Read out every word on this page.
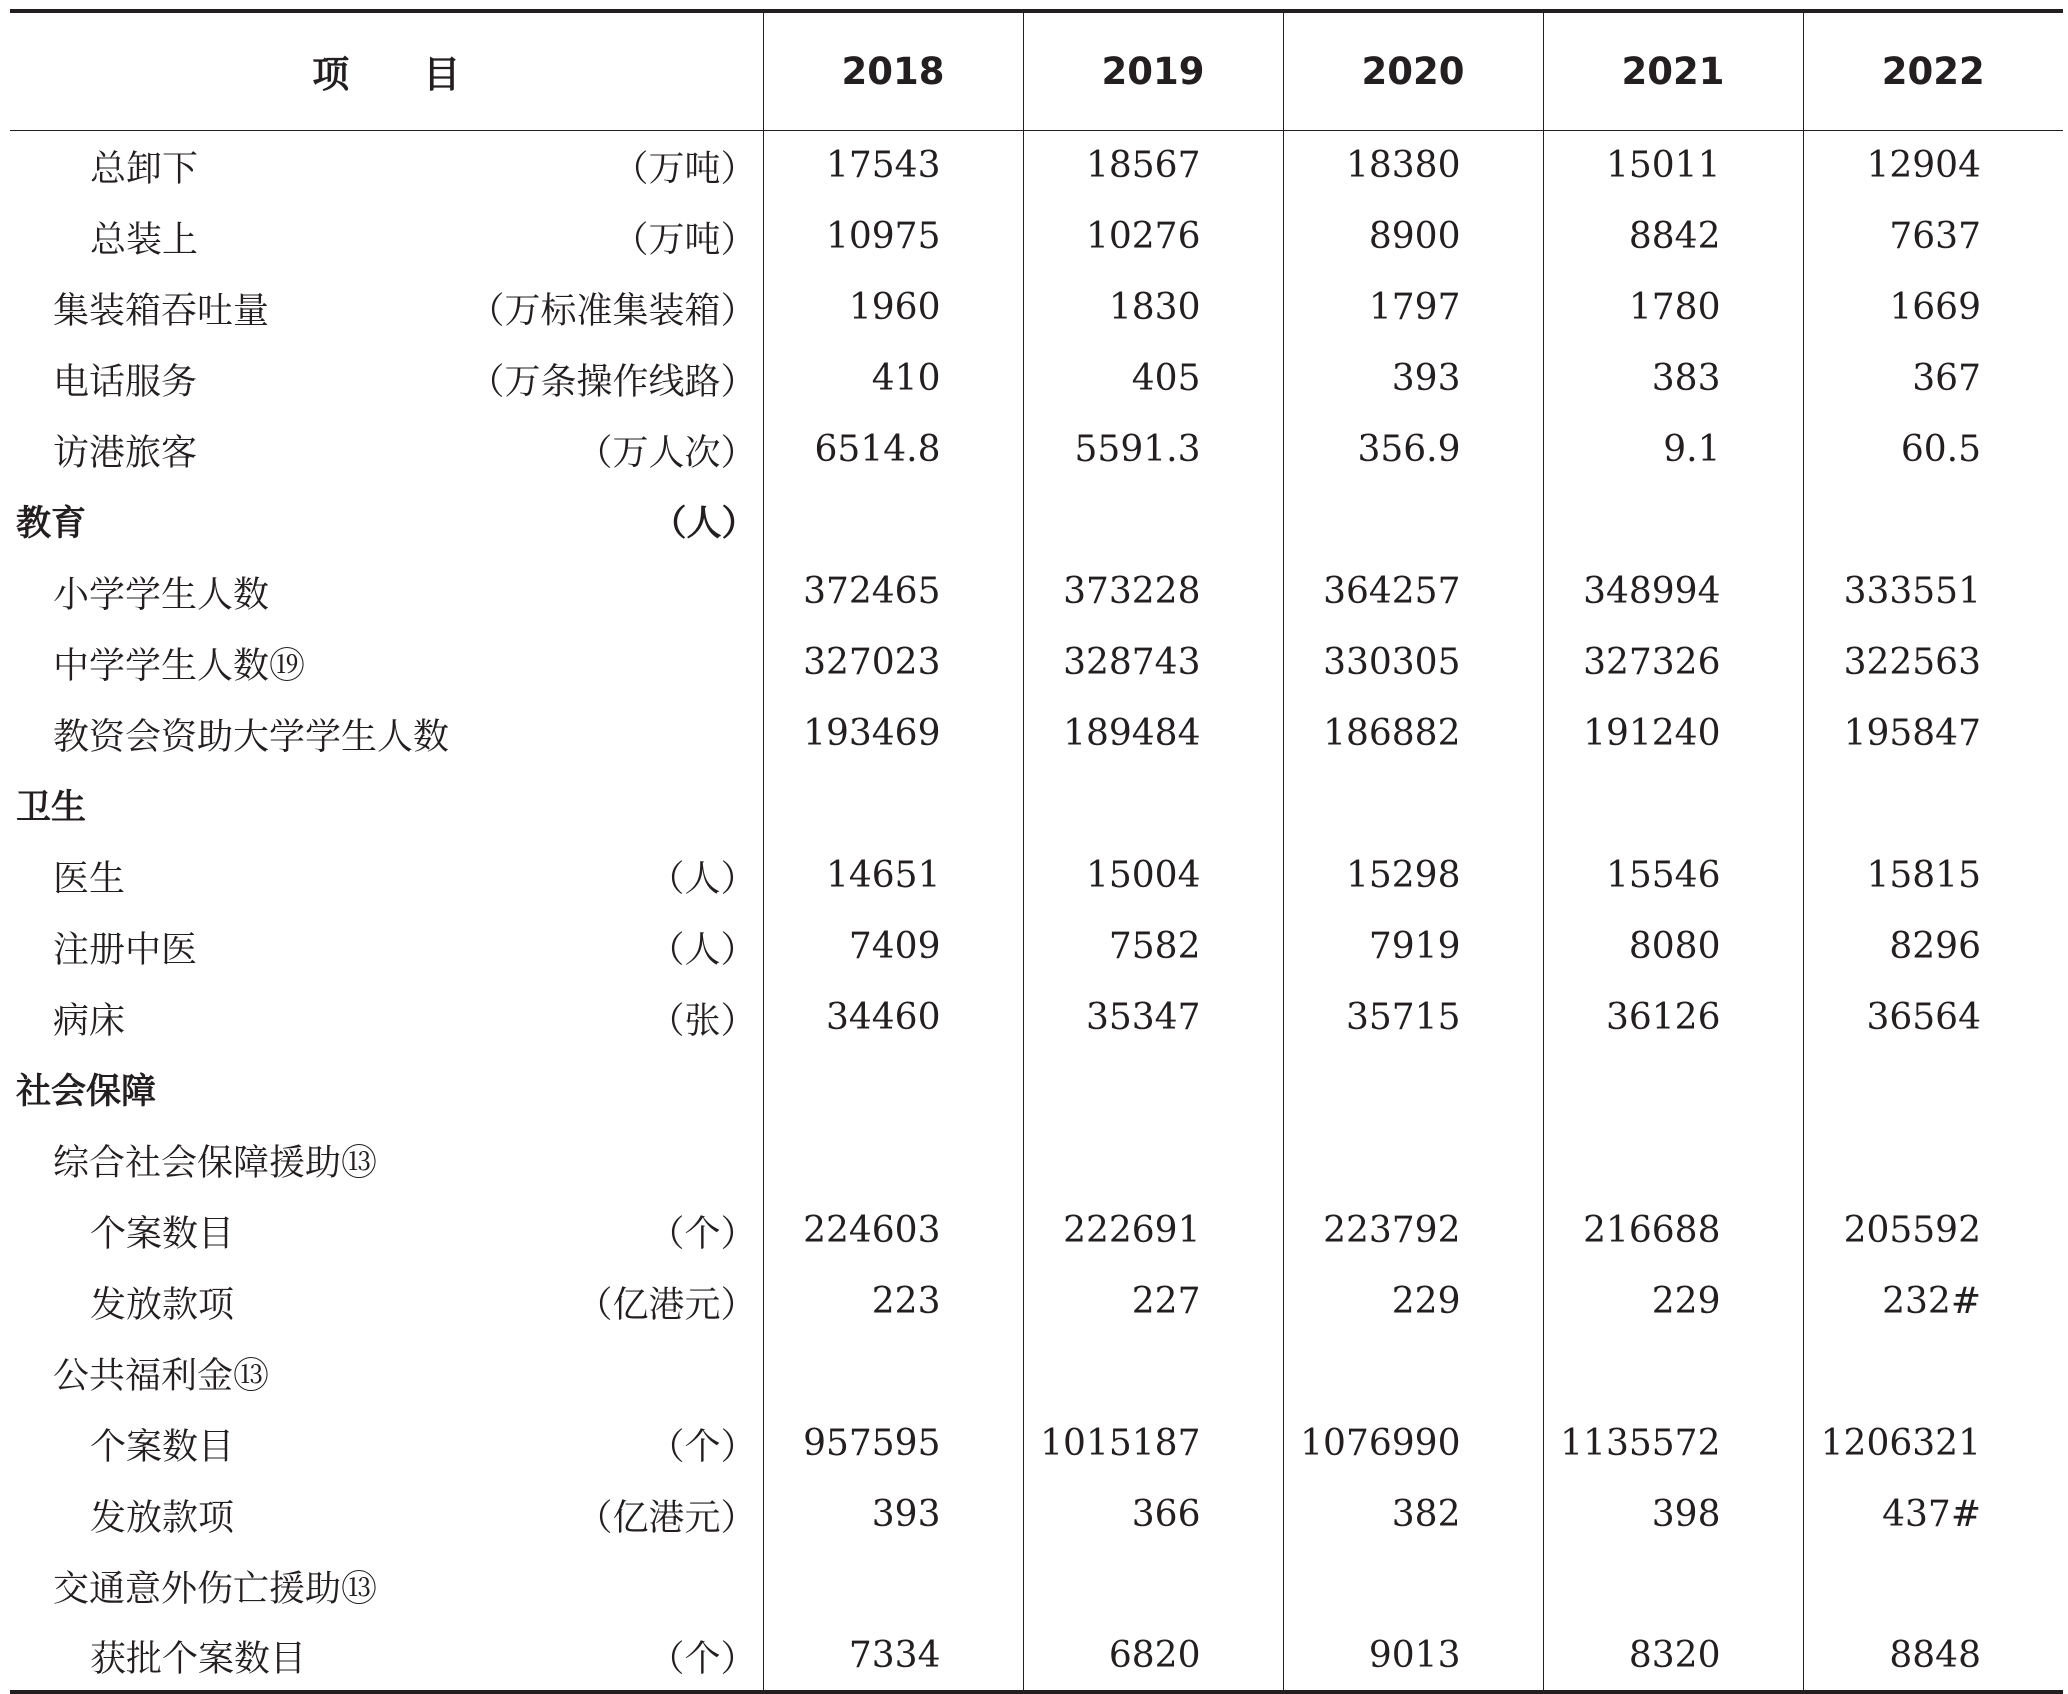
项　　目	2018	2019	2020	2021	2022

总卸下 （万吨）	17543	18567	18380	15011	12904

总装上 （万吨）	10975	10276	8900	8842	7637

集装箱吞吐量 （万标准集装箱）	1960	1830	1797	1780	1669

电话服务 （万条操作线路）	410	405	393	383	367

访港旅客 （万人次）	6514.8	5591.3	356.9	9.1	60.5

教育 （人）					

小学学生人数	372465	373228	364257	348994	333551

中学学生人数⑲	327023	328743	330305	327326	322563

教资会资助大学学生人数	193469	189484	186882	191240	195847

卫生					

医生 （人）	14651	15004	15298	15546	15815

注册中医 （人）	7409	7582	7919	8080	8296

病床 （张）	34460	35347	35715	36126	36564

社会保障					

综合社会保障援助⑬					

个案数目 （个）	224603	222691	223792	216688	205592

发放款项 （亿港元）	223	227	229	229	232#

公共福利金⑬					

个案数目 （个）	957595	1015187	1076990	1135572	1206321

发放款项 （亿港元）	393	366	382	398	437#

交通意外伤亡援助⑬					

获批个案数目 （个）	7334	6820	9013	8320	8848
